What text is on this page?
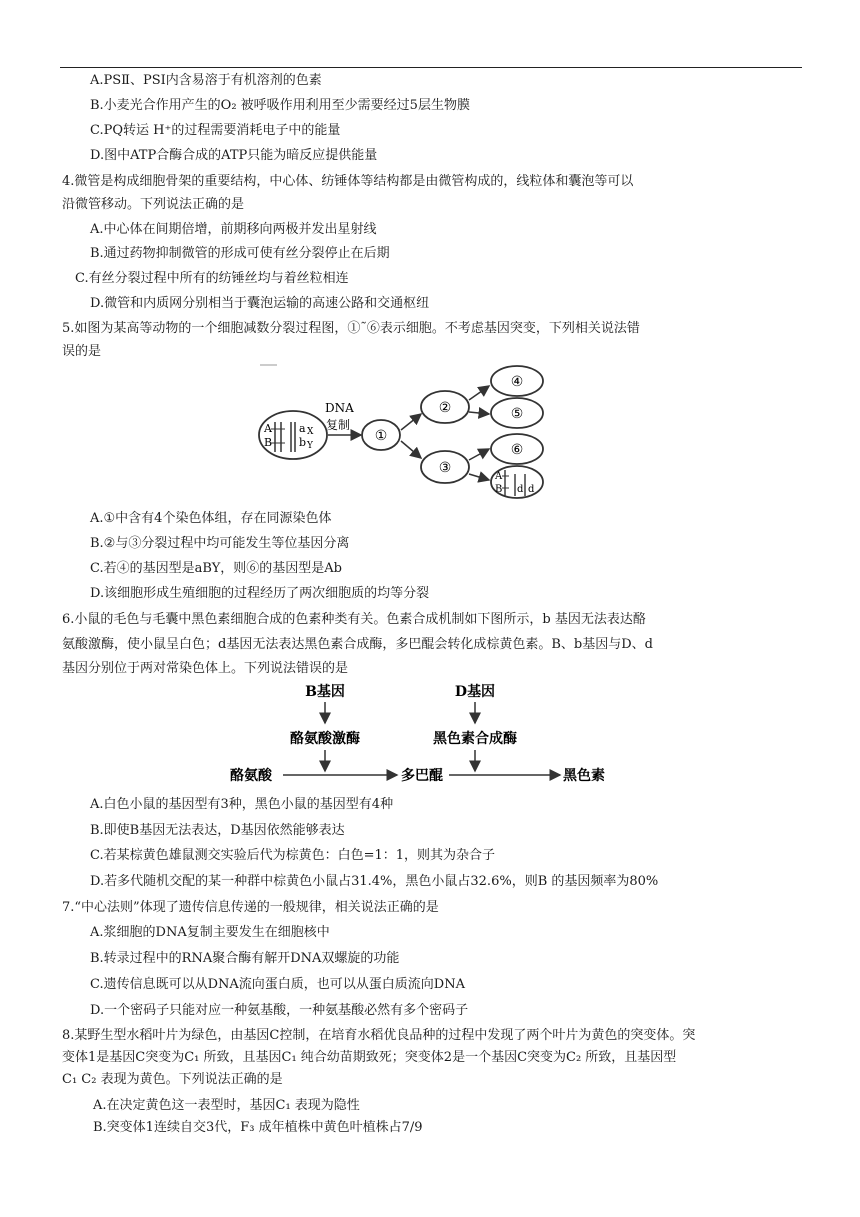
A.PSⅡ、PSⅠ内含易溶于有机溶剂的色素
B.小麦光合作用产生的O₂ 被呼吸作用利用至少需要经过5层生物膜
C.PQ转运 H⁺的过程需要消耗电子中的能量
D.图中ATP合酶合成的ATP只能为暗反应提供能量
4.微管是构成细胞骨架的重要结构，中心体、纺锤体等结构都是由微管构成的，线粒体和囊泡等可以
沿微管移动。下列说法正确的是
A.中心体在间期倍增，前期移向两极并发出星射线
B.通过药物抑制微管的形成可使有丝分裂停止在后期
C.有丝分裂过程中所有的纺锤丝均与着丝粒相连
D.微管和内质网分别相当于囊泡运输的高速公路和交通枢纽
5.如图为某高等动物的一个细胞减数分裂过程图，①˜⑥表示细胞。不考虑基因突变，下列相关说法错
误的是
A
B
a X
b Y
DNA
复制
①
②
③
④
⑤
⑥
A
B d d
A.①中含有4个染色体组，存在同源染色体
B.②与③分裂过程中均可能发生等位基因分离
C.若④的基因型是aBY，则⑥的基因型是Ab
D.该细胞形成生殖细胞的过程经历了两次细胞质的均等分裂
6.小鼠的毛色与毛囊中黑色素细胞合成的色素种类有关。色素合成机制如下图所示，b 基因无法表达酪
氨酸激酶，使小鼠呈白色；d基因无法表达黑色素合成酶，多巴醌会转化成棕黄色素。B、b基因与D、d
基因分别位于两对常染色体上。下列说法错误的是
B基因
酪氨酸激酶
D基因
黑色素合成酶
酪氨酸	多巴醌	黑色素
A.白色小鼠的基因型有3种，黑色小鼠的基因型有4种
B.即使B基因无法表达，D基因依然能够表达
C.若某棕黄色雄鼠测交实验后代为棕黄色：白色=1：1，则其为杂合子
D.若多代随机交配的某一种群中棕黄色小鼠占31.4%，黑色小鼠占32.6%，则B 的基因频率为80%
7.“中心法则”体现了遗传信息传递的一般规律，相关说法正确的是
A.浆细胞的DNA复制主要发生在细胞核中
B.转录过程中的RNA聚合酶有解开DNA双螺旋的功能
C.遗传信息既可以从DNA流向蛋白质，也可以从蛋白质流向DNA
D.一个密码子只能对应一种氨基酸，一种氨基酸必然有多个密码子
8.某野生型水稻叶片为绿色，由基因C控制，在培育水稻优良品种的过程中发现了两个叶片为黄色的突变体。突
变体1是基因C突变为C₁ 所致，且基因C₁ 纯合幼苗期致死；突变体2是一个基因C突变为C₂ 所致，且基因型
C₁ C₂ 表现为黄色。下列说法正确的是
A.在决定黄色这一表型时，基因C₁ 表现为隐性
B.突变体1连续自交3代，F₃ 成年植株中黄色叶植株占7/9
